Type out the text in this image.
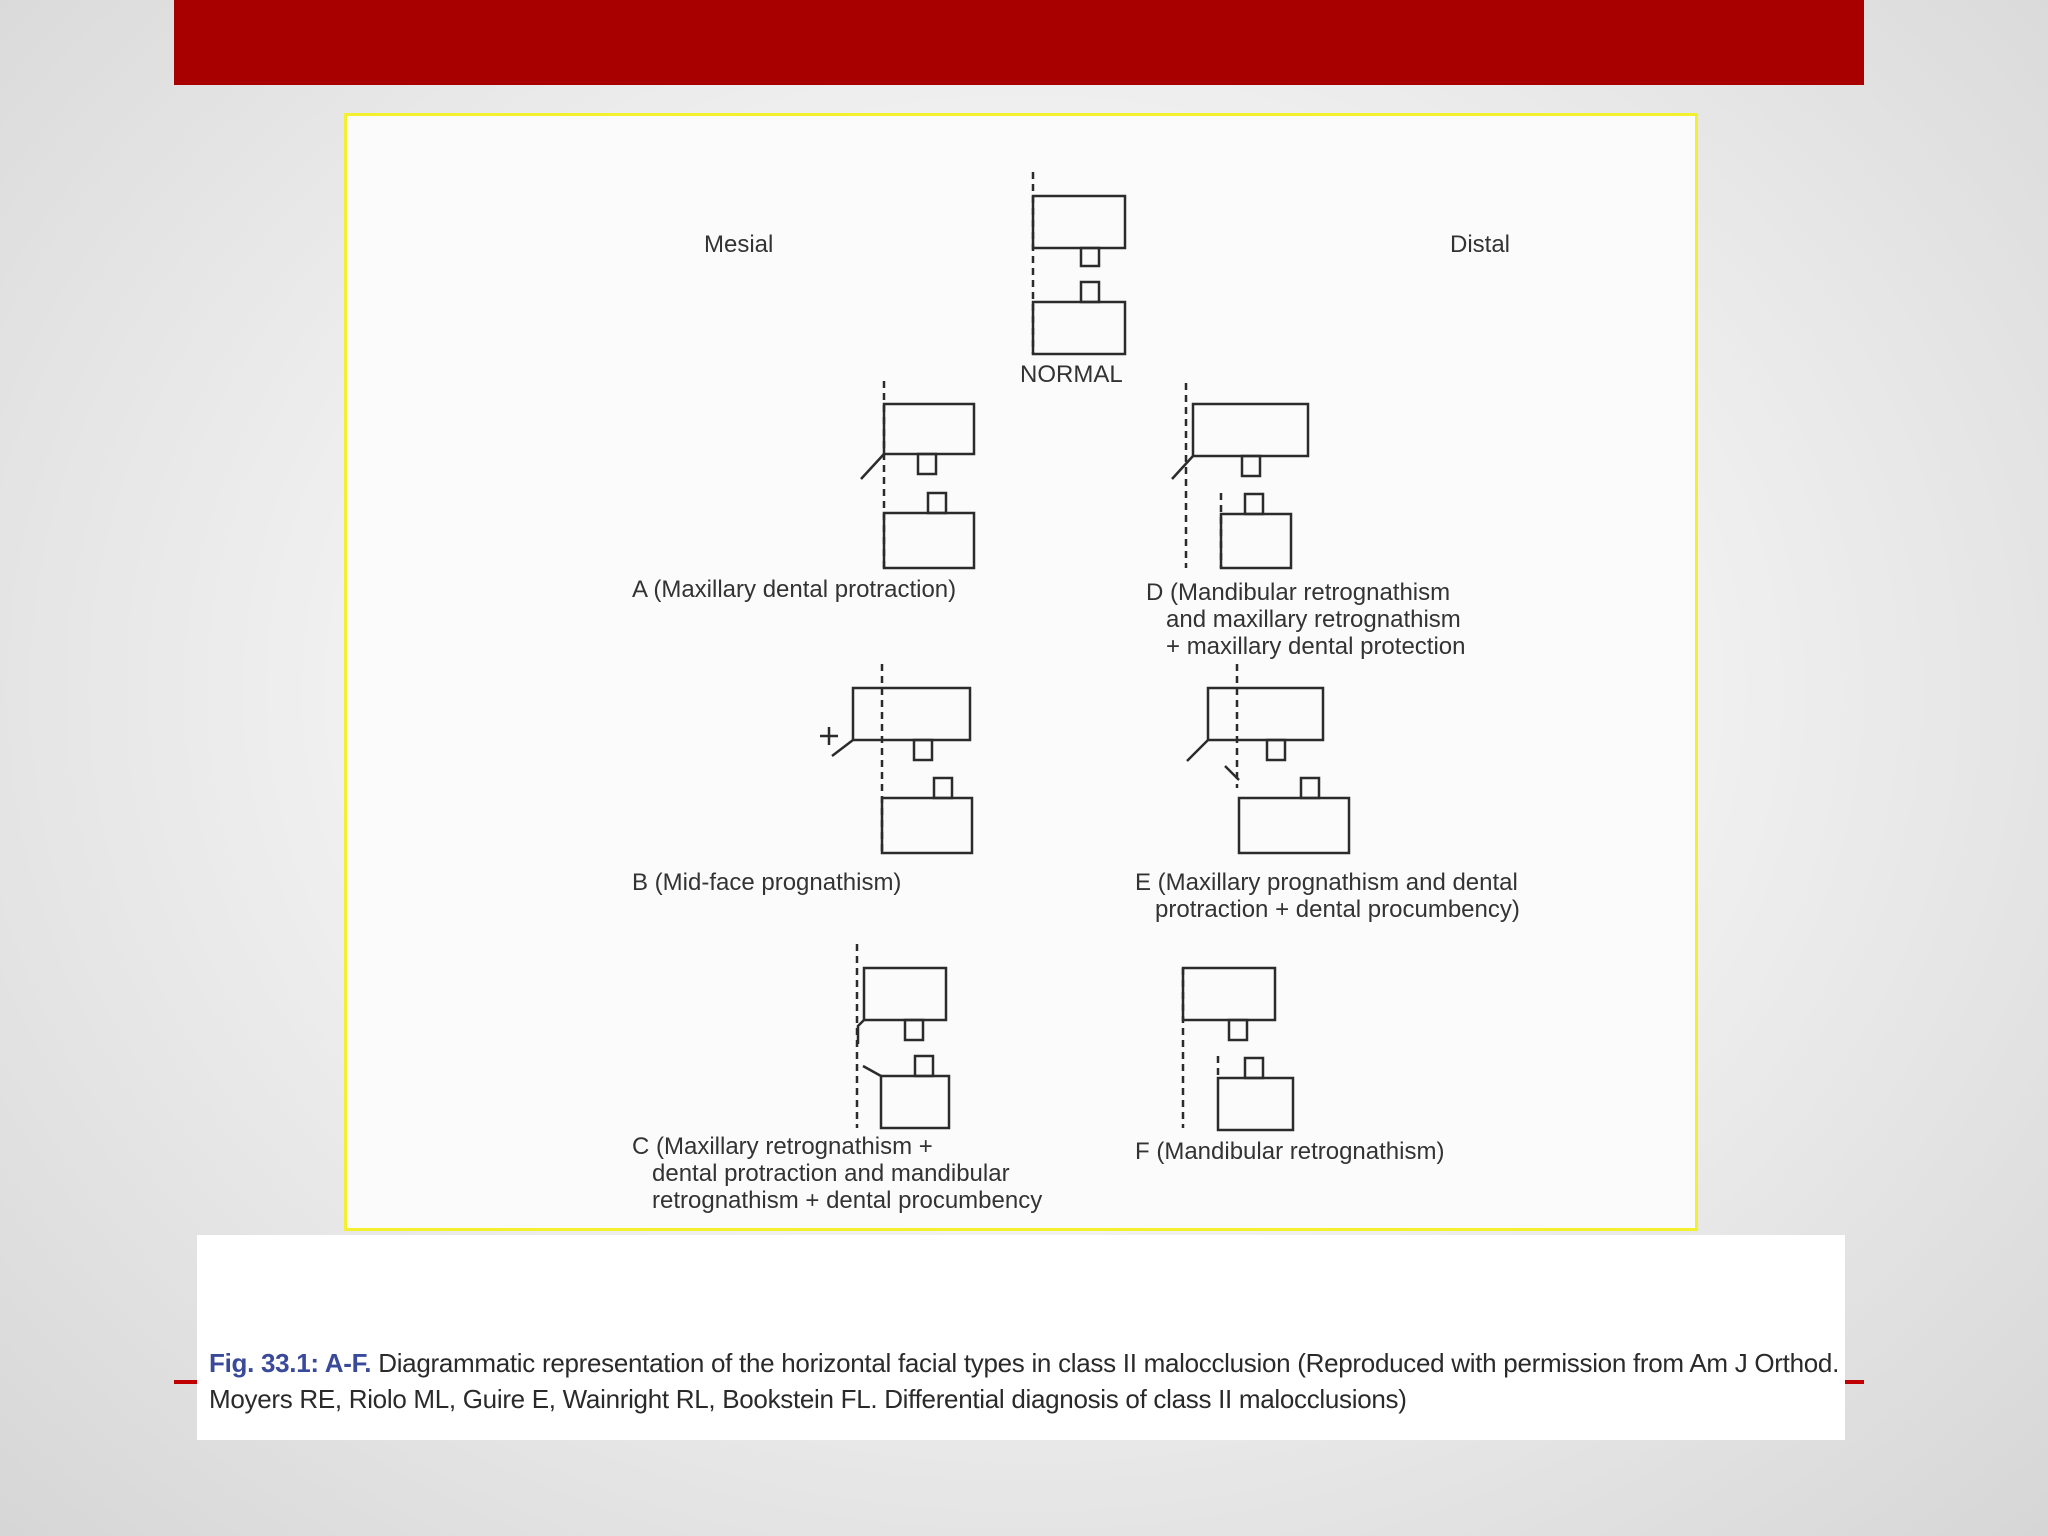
Mesial	Distal
NORMAL
A (Maxillary dental protraction)	D (Mandibular retrognathism
and maxillary retrognathism
+ maxillary dental protection
B (Mid-face prognathism)	E (Maxillary prognathism and dental
protraction + dental procumbency)
C (Maxillary retrognathism +
dental protraction and mandibular
retrognathism + dental procumbency
F (Mandibular retrognathism)
Fig. 33.1: A-F. Diagrammatic representation of the horizontal facial types in class II malocclusion (Reproduced with permission from Am J Orthod. Moyers RE, Riolo ML, Guire E, Wainright RL, Bookstein FL. Differential diagnosis of class II malocclusions)
